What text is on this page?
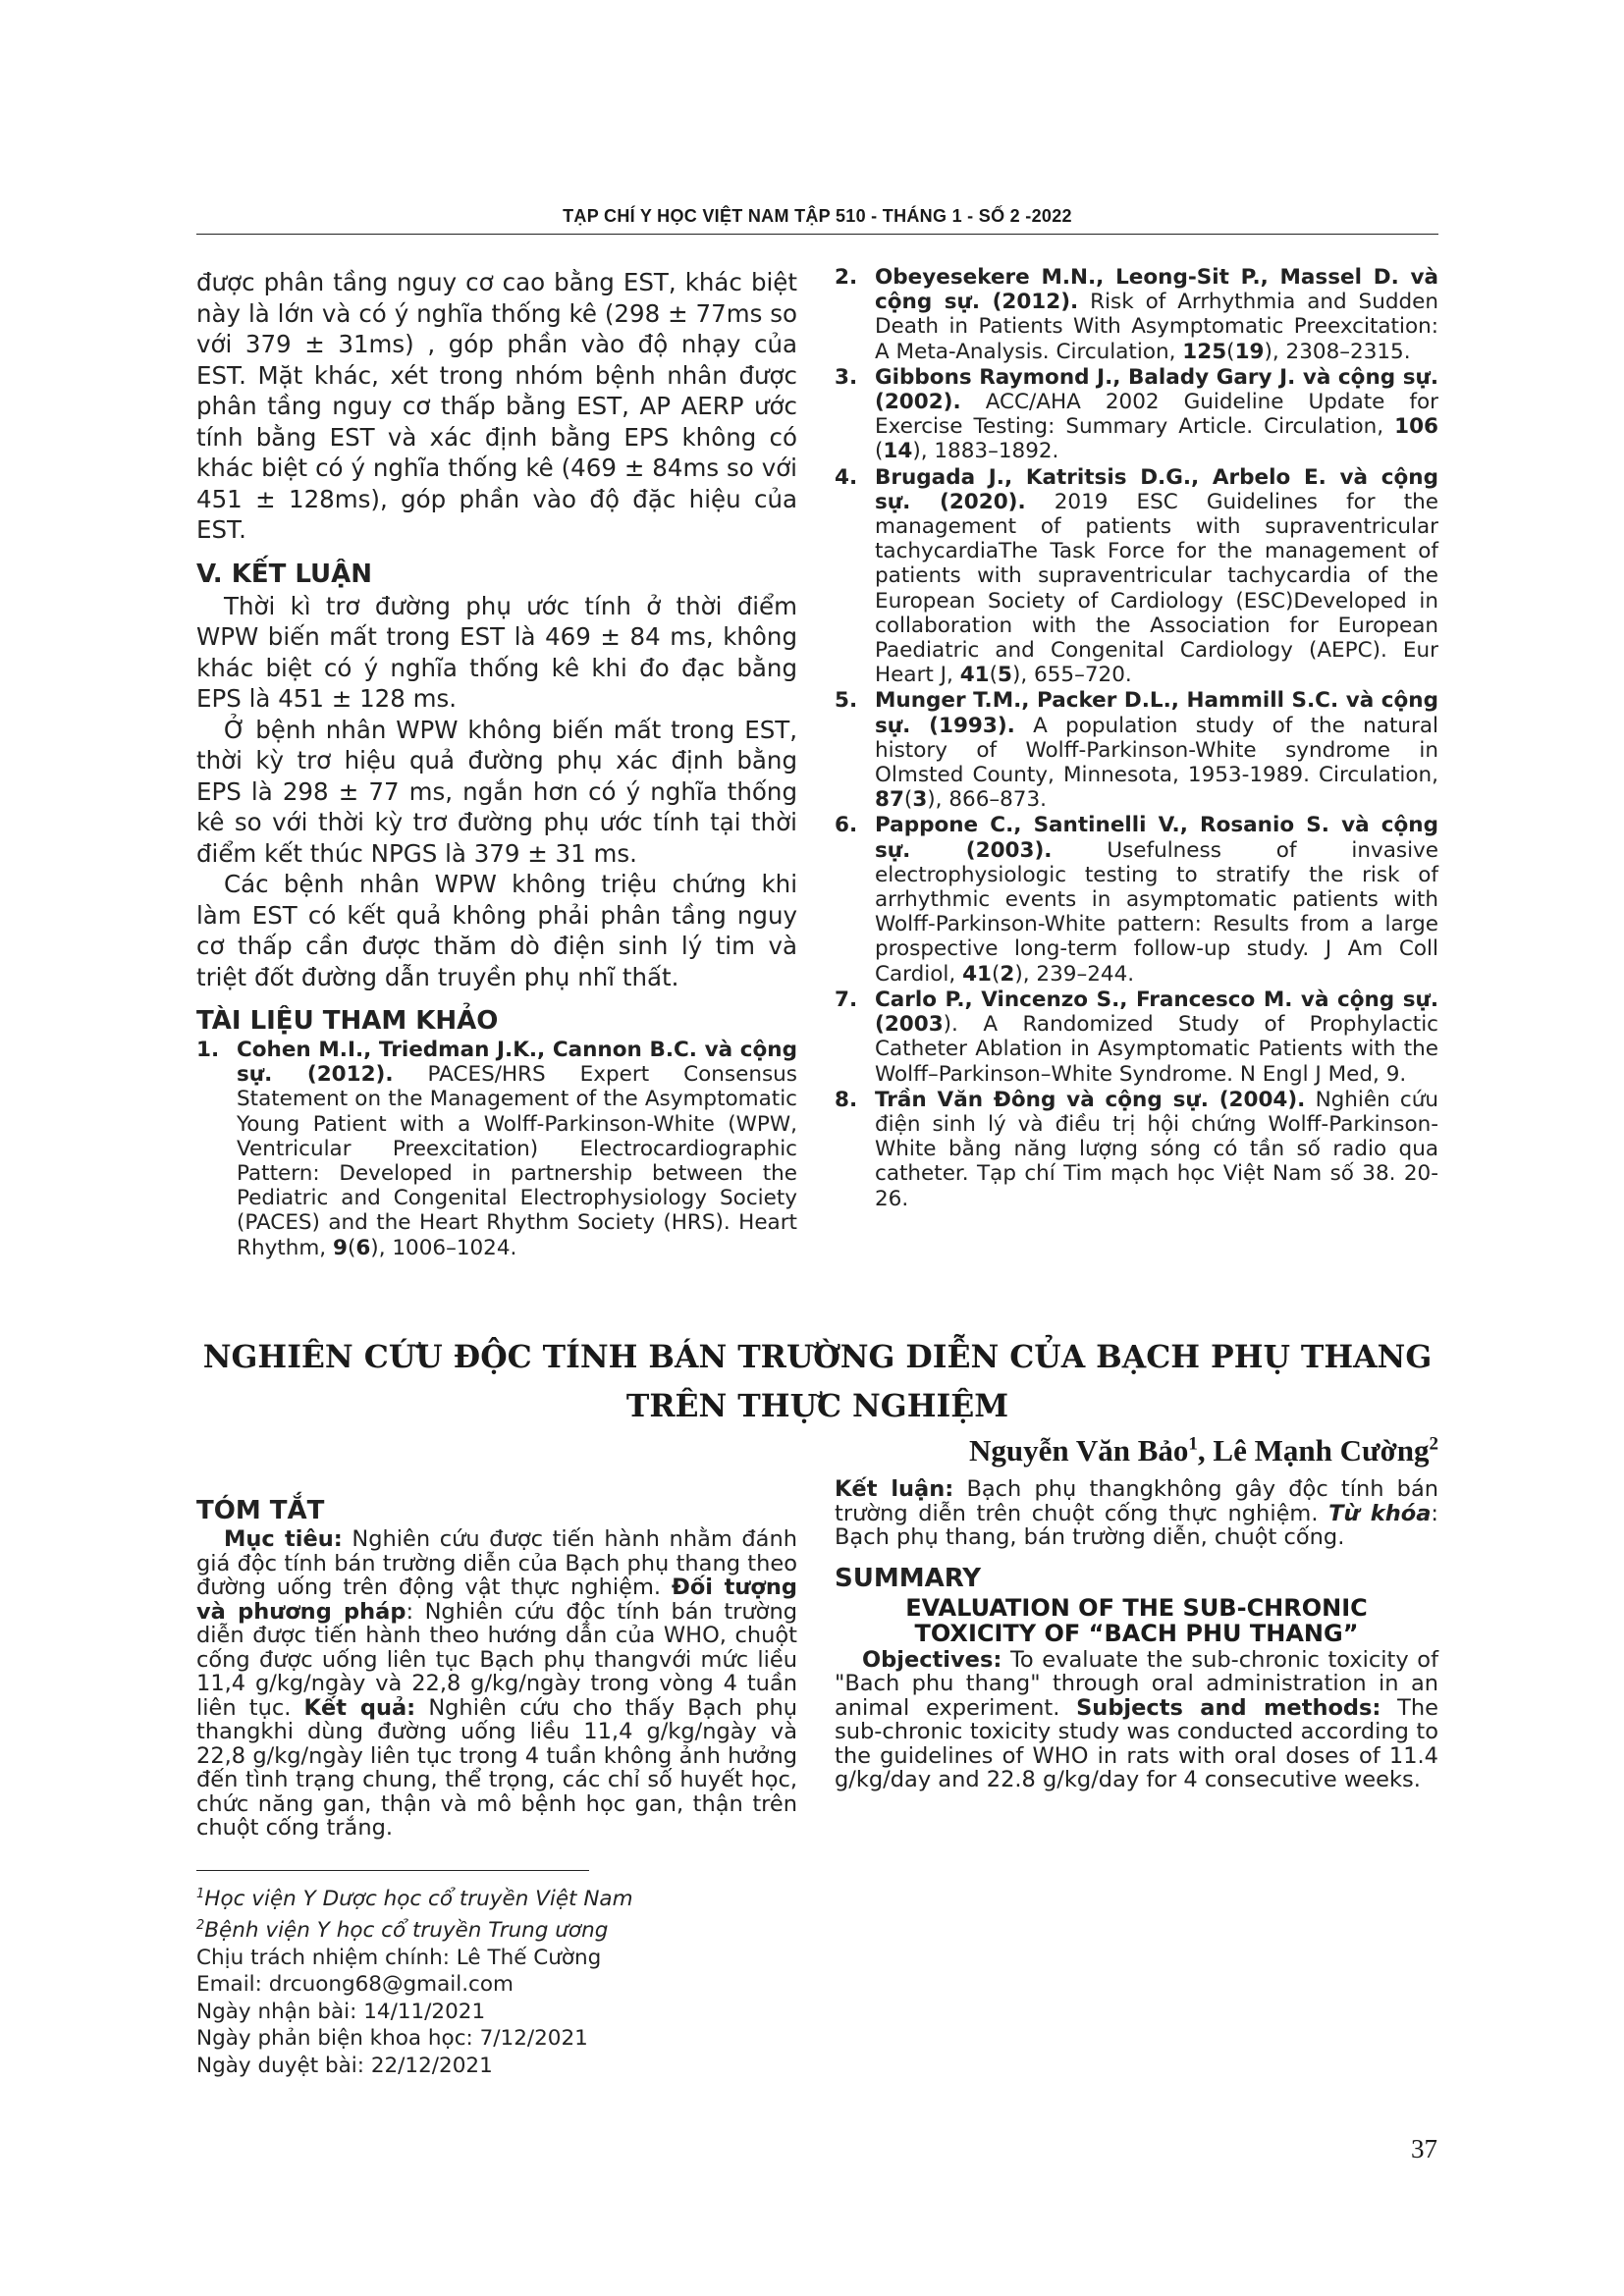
TẠP CHÍ Y HỌC VIỆT NAM TẬP 510 - THÁNG 1 - SỐ 2 -2022

được phân tầng nguy cơ cao bằng EST, khác biệt này là lớn và có ý nghĩa thống kê (298 ± 77ms so với 379 ± 31ms) , góp phần vào độ nhạy của EST. Mặt khác, xét trong nhóm bệnh nhân được phân tầng nguy cơ thấp bằng EST, AP AERP ước tính bằng EST và xác định bằng EPS không có khác biệt có ý nghĩa thống kê (469 ± 84ms so với 451 ± 128ms), góp phần vào độ đặc hiệu của EST.

V. KẾT LUẬN

Thời kì trơ đường phụ ước tính ở thời điểm WPW biến mất trong EST là 469 ± 84 ms, không khác biệt có ý nghĩa thống kê khi đo đạc bằng EPS là 451 ± 128 ms.

Ở bệnh nhân WPW không biến mất trong EST, thời kỳ trơ hiệu quả đường phụ xác định bằng EPS là 298 ± 77 ms, ngắn hơn có ý nghĩa thống kê so với thời kỳ trơ đường phụ ước tính tại thời điểm kết thúc NPGS là 379 ± 31 ms.

Các bệnh nhân WPW không triệu chứng khi làm EST có kết quả không phải phân tầng nguy cơ thấp cần được thăm dò điện sinh lý tim và triệt đốt đường dẫn truyền phụ nhĩ thất.

TÀI LIỆU THAM KHẢO
1. Cohen M.I., Triedman J.K., Cannon B.C. và cộng sự. (2012). PACES/HRS Expert Consensus Statement on the Management of the Asymptomatic Young Patient with a Wolff-Parkinson-White (WPW, Ventricular Preexcitation) Electrocardiographic Pattern: Developed in partnership between the Pediatric and Congenital Electrophysiology Society (PACES) and the Heart Rhythm Society (HRS). Heart Rhythm, 9(6), 1006–1024.
2. Obeyesekere M.N., Leong-Sit P., Massel D. và cộng sự. (2012). Risk of Arrhythmia and Sudden Death in Patients With Asymptomatic Preexcitation: A Meta-Analysis. Circulation, 125(19), 2308–2315.
3. Gibbons Raymond J., Balady Gary J. và cộng sự. (2002). ACC/AHA 2002 Guideline Update for Exercise Testing: Summary Article. Circulation, 106 (14), 1883–1892.
4. Brugada J., Katritsis D.G., Arbelo E. và cộng sự. (2020). 2019 ESC Guidelines for the management of patients with supraventricular tachycardiaThe Task Force for the management of patients with supraventricular tachycardia of the European Society of Cardiology (ESC)Developed in collaboration with the Association for European Paediatric and Congenital Cardiology (AEPC). Eur Heart J, 41(5), 655–720.
5. Munger T.M., Packer D.L., Hammill S.C. và cộng sự. (1993). A population study of the natural history of Wolff-Parkinson-White syndrome in Olmsted County, Minnesota, 1953-1989. Circulation, 87(3), 866–873.
6. Pappone C., Santinelli V., Rosanio S. và cộng sự. (2003).	Usefulness of invasive electrophysiologic testing to stratify the risk of arrhythmic events in asymptomatic patients with Wolff-Parkinson-White pattern: Results from a large prospective long-term follow-up study. J Am Coll Cardiol, 41(2), 239–244.
7. Carlo P., Vincenzo S., Francesco M. và cộng sự. (2003). A Randomized Study of Prophylactic Catheter Ablation in Asymptomatic Patients with the Wolff–Parkinson–White Syndrome. N Engl J Med, 9.
8. Trần Văn Đông và cộng sự. (2004). Nghiên cứu điện sinh lý và điều trị hội chứng Wolff-Parkinson-White bằng năng lượng sóng có tần số radio qua catheter. Tạp chí Tim mạch học Việt Nam số 38. 20-26.
NGHIÊN CỨU ĐỘC TÍNH BÁN TRƯỜNG DIỄN CỦA BẠCH PHỤ THANG
TRÊN THỰC NGHIỆM
Nguyễn Văn Bảo$^1$, Lê Mạnh Cường$^2$
TÓM TẮT

Mục tiêu: Nghiên cứu được tiến hành nhằm đánh giá độc tính bán trường diễn của Bạch phụ thang theo đường uống trên động vật thực nghiệm. Đối tượng và phương pháp: Nghiên cứu độc tính bán trường diễn được tiến hành theo hướng dẫn của WHO, chuột cống được uống liên tục Bạch phụ thangvới mức liều 11,4 g/kg/ngày và 22,8 g/kg/ngày trong vòng 4 tuần liên tục. Kết quả: Nghiên cứu cho thấy Bạch phụ thangkhi dùng đường uống liều 11,4 g/kg/ngày và 22,8 g/kg/ngày liên tục trong 4 tuần không ảnh hưởng đến tình trạng chung, thể trọng, các chỉ số huyết học, chức năng gan, thận và mô bệnh học gan, thận trên chuột cống trắng.

$^1$Học viện Y Dược học cổ truyền Việt Nam
$^2$Bệnh viện Y học cổ truyền Trung ương
Chịu trách nhiệm chính: Lê Thế Cường
Email: drcuong68@gmail.com
Ngày nhận bài: 14/11/2021
Ngày phản biện khoa học: 7/12/2021
Ngày duyệt bài: 22/12/2021

Kết luận: Bạch phụ thangkhông gây độc tính bán trường diễn trên chuột cống thực nghiệm. Từ khóa: Bạch phụ thang, bán trường diễn, chuột cống.

SUMMARY
EVALUATION OF THE SUB-CHRONIC
TOXICITY OF “BACH PHU THANG”

Objectives: To evaluate the sub-chronic toxicity of "Bach phu thang" through oral administration in an animal experiment. Subjects and methods: The sub-chronic toxicity study was conducted according to the guidelines of WHO in rats with oral doses of 11.4 g/kg/day and 22.8 g/kg/day for 4 consecutive weeks.

37
